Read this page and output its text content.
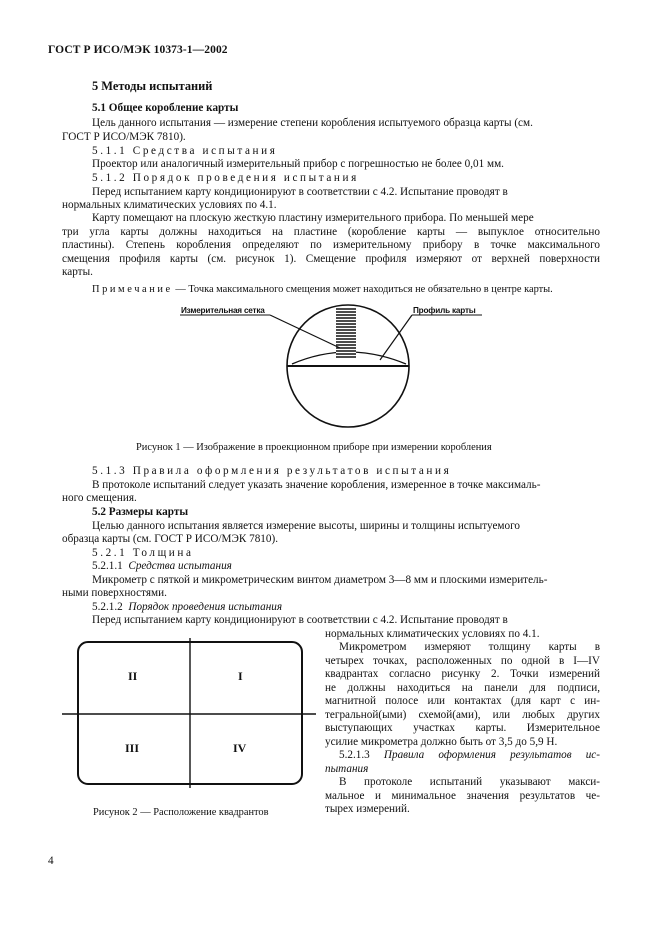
ГОСТ Р ИСО/МЭК 10373-1—2002
5 Методы испытаний
5.1 Общее коробление карты
Цель данного испытания — измерение степени коробления испытуемого образца карты (см.
ГОСТ Р ИСО/МЭК 7810).
5.1.1 Средства испытания
Проектор или аналогичный измерительный прибор с погрешностью не более 0,01 мм.
5.1.2 Порядок проведения испытания
Перед испытанием карту кондиционируют в соответствии с 4.2. Испытание проводят в
нормальных климатических условиях по 4.1.
Карту помещают на плоскую жесткую пластину измерительного прибора. По меньшей мере
три угла карты должны находиться на пластине (коробление карты — выпуклое относительно
пластины). Степень коробления определяют по измерительному прибору в точке максимального
смещения профиля карты (см. рисунок 1). Смещение профиля измеряют от верхней поверхности
карты.
Примечание — Точка максимального смещения может находиться не обязательно в центре карты.
Измерительная сетка	Профиль карты
Рисунок 1 — Изображение в проекционном приборе при измерении коробления
5.1.3 Правила оформления результатов испытания
В протоколе испытаний следует указать значение коробления, измеренное в точке максималь-
ного смещения.
5.2 Размеры карты
Целью данного испытания является измерение высоты, ширины и толщины испытуемого
образца карты (см. ГОСТ Р ИСО/МЭК 7810).
5.2.1 Толщина
5.2.1.1 Средства испытания
Микрометр с пяткой и микрометрическим винтом диаметром 3—8 мм и плоскими измеритель-
ными поверхностями.
5.2.1.2 Порядок проведения испытания
Перед испытанием карту кондиционируют в соответствии с 4.2. Испытание проводят в
нормальных климатических условиях по 4.1.
Микрометром измеряют толщину карты в
четырех точках, расположенных по одной в I—IV
квадрантах согласно рисунку 2. Точки измерений
не должны находиться на панели для подписи,
магнитной полосе или контактах (для карт с ин-
тегральной(ыми) схемой(ами), или любых других
выступающих участках карты. Измерительное
усилие микрометра должно быть от 3,5 до 5,9 Н.
5.2.1.3 Правила оформления результатов ис-
пытания
В протоколе испытаний указывают макси-
мальное и минимальное значения результатов че-
тырех измерений.
II	I
III	IV
Рисунок 2 — Расположение квадрантов
4
